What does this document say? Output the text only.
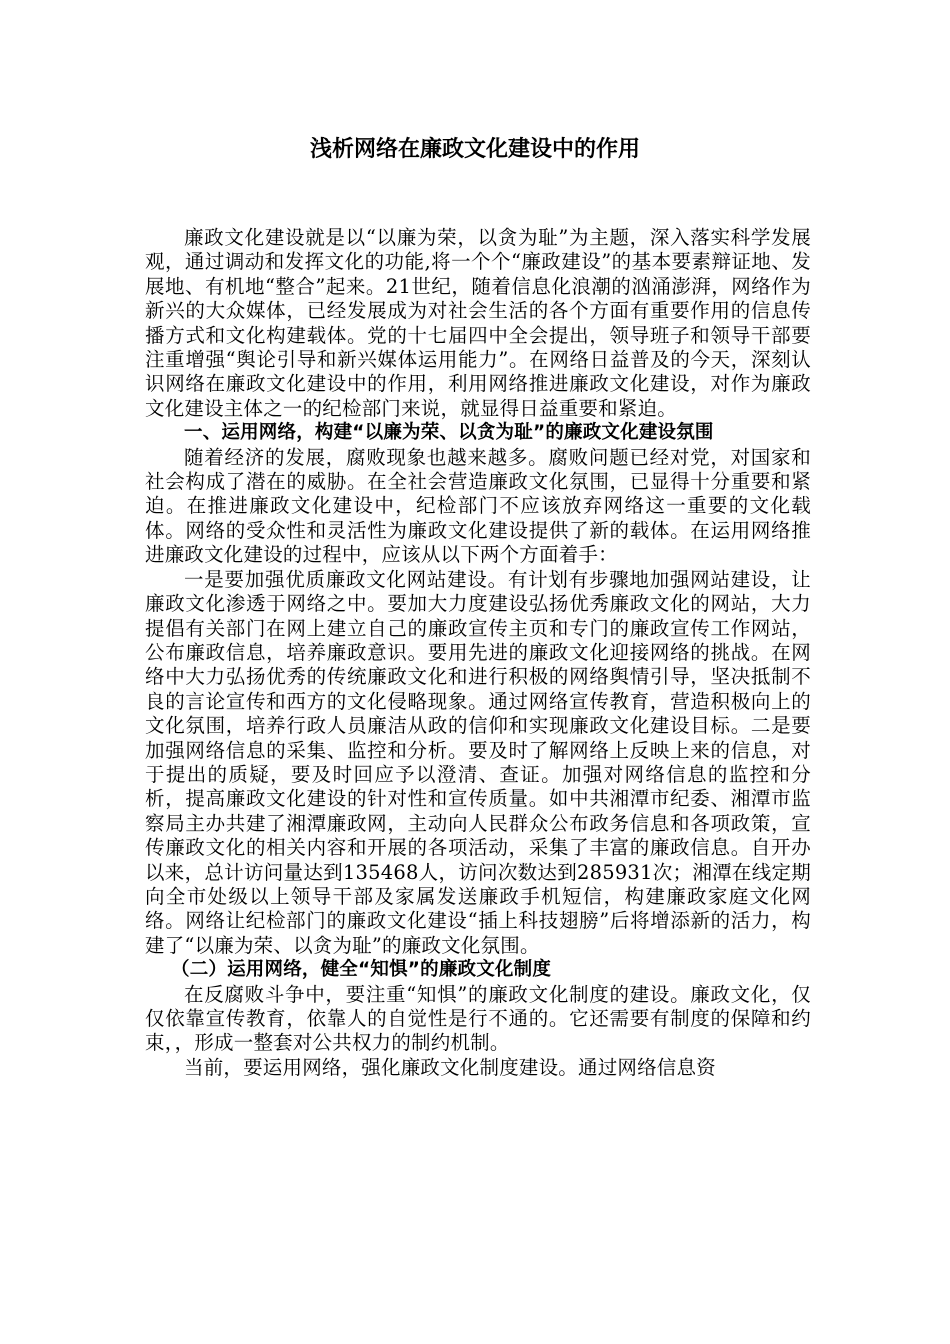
浅析网络在廉政文化建设中的作用

廉政文化建设就是以“以廉为荣，以贪为耻”为主题，深入落实科学发展观，通过调动和发挥文化的功能,将一个个“廉政建设”的基本要素辩证地、发展地、有机地“整合”起来。21世纪，随着信息化浪潮的汹涌澎湃，网络作为新兴的大众媒体，已经发展成为对社会生活的各个方面有重要作用的信息传播方式和文化构建载体。党的十七届四中全会提出，领导班子和领导干部要注重增强“舆论引导和新兴媒体运用能力”。在网络日益普及的今天，深刻认识网络在廉政文化建设中的作用，利用网络推进廉政文化建设，对作为廉政文化建设主体之一的纪检部门来说，就显得日益重要和紧迫。

一、运用网络，构建“以廉为荣、以贪为耻”的廉政文化建设氛围

随着经济的发展，腐败现象也越来越多。腐败问题已经对党，对国家和社会构成了潜在的威胁。在全社会营造廉政文化氛围，已显得十分重要和紧迫。在推进廉政文化建设中，纪检部门不应该放弃网络这一重要的文化载体。网络的受众性和灵活性为廉政文化建设提供了新的载体。在运用网络推进廉政文化建设的过程中，应该从以下两个方面着手：

一是要加强优质廉政文化网站建设。有计划有步骤地加强网站建设，让廉政文化渗透于网络之中。要加大力度建设弘扬优秀廉政文化的网站，大力提倡有关部门在网上建立自己的廉政宣传主页和专门的廉政宣传工作网站，公布廉政信息，培养廉政意识。要用先进的廉政文化迎接网络的挑战。在网络中大力弘扬优秀的传统廉政文化和进行积极的网络舆情引导，坚决抵制不良的言论宣传和西方的文化侵略现象。通过网络宣传教育，营造积极向上的文化氛围，培养行政人员廉洁从政的信仰和实现廉政文化建设目标。二是要加强网络信息的采集、监控和分析。要及时了解网络上反映上来的信息，对于提出的质疑，要及时回应予以澄清、查证。加强对网络信息的监控和分析，提高廉政文化建设的针对性和宣传质量。如中共湘潭市纪委、湘潭市监察局主办共建了湘潭廉政网，主动向人民群众公布政务信息和各项政策，宣传廉政文化的相关内容和开展的各项活动，采集了丰富的廉政信息。自开办以来，总计访问量达到135468人，访问次数达到285931次；湘潭在线定期向全市处级以上领导干部及家属发送廉政手机短信，构建廉政家庭文化网络。网络让纪检部门的廉政文化建设“插上科技翅膀”后将增添新的活力，构建了“以廉为荣、以贪为耻”的廉政文化氛围。

（二）运用网络，健全“知惧”的廉政文化制度

在反腐败斗争中，要注重“知惧”的廉政文化制度的建设。廉政文化，仅仅依靠宣传教育，依靠人的自觉性是行不通的。它还需要有制度的保障和约束，，形成一整套对公共权力的制约机制。

当前，要运用网络，强化廉政文化制度建设。通过网络信息资
